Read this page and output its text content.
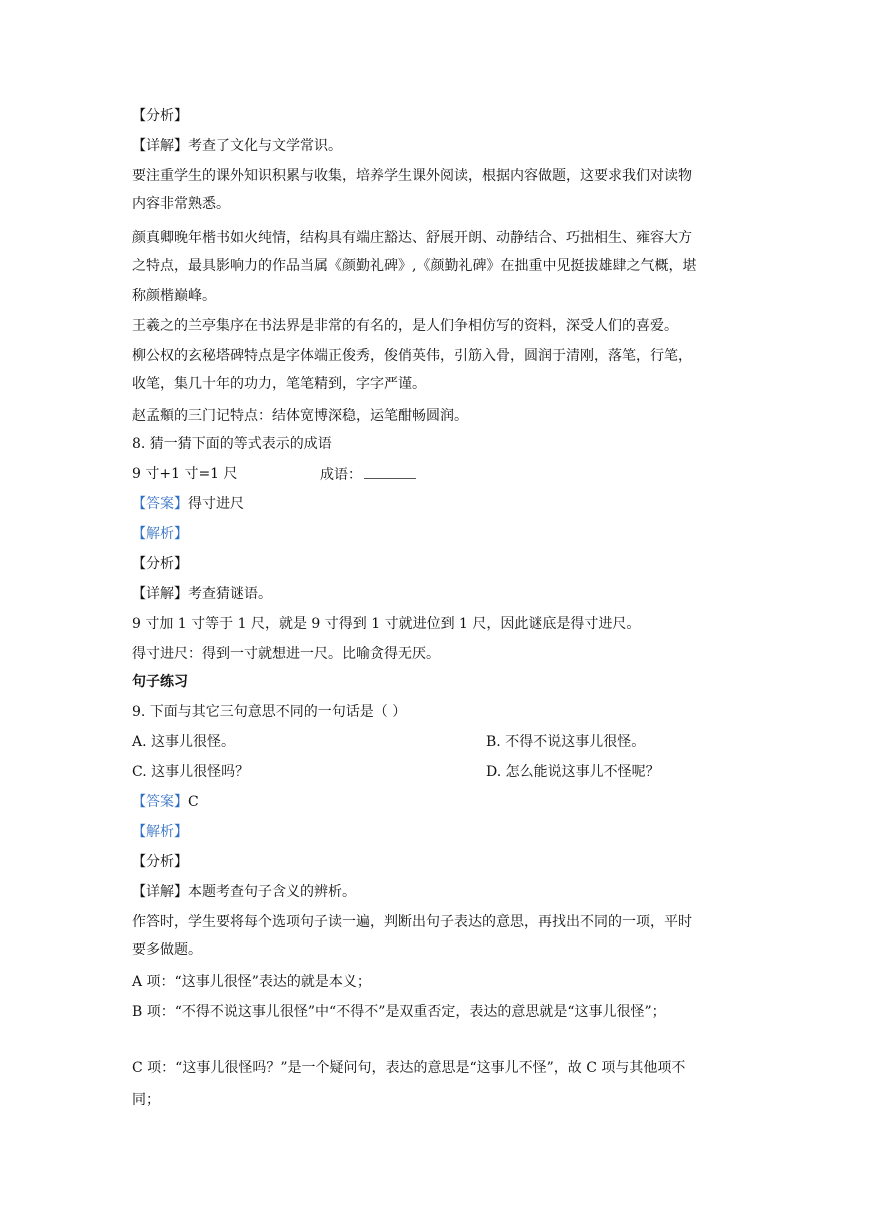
【分析】
【详解】考查了文化与文学常识。
要注重学生的课外知识积累与收集，培养学生课外阅读，根据内容做题，这要求我们对读物
内容非常熟悉。
颜真卿晚年楷书如火纯情，结构具有端庄豁达、舒展开朗、动静结合、巧拙相生、雍容大方
之特点，最具影响力的作品当属《颜勤礼碑》,《颜勤礼碑》在拙重中见挺拔雄肆之气概，堪
称颜楷巅峰。
王羲之的兰亭集序在书法界是非常的有名的，是人们争相仿写的资料，深受人们的喜爱。
柳公权的玄秘塔碑特点是字体端正俊秀，俊俏英伟，引筋入骨，圆润于清刚，落笔，行笔，
收笔，集几十年的功力，笔笔精到，字字严谨。
赵孟頫的三门记特点：结体宽博深稳，运笔酣畅圆润。
8. 猜一猜下面的等式表示的成语
9 寸+1 寸=1 尺	成语：
【答案】得寸进尺
【解析】
【分析】
【详解】考查猜谜语。
9 寸加 1 寸等于 1 尺，就是 9 寸得到 1 寸就进位到 1 尺，因此谜底是得寸进尺。
得寸进尺：得到一寸就想进一尺。比喻贪得无厌。
句子练习
9. 下面与其它三句意思不同的一句话是（ ）
A. 这事儿很怪。	B. 不得不说这事儿很怪。
C. 这事儿很怪吗？	D. 怎么能说这事儿不怪呢？
【答案】C
【解析】
【分析】
【详解】本题考查句子含义的辨析。
作答时，学生要将每个选项句子读一遍，判断出句子表达的意思，再找出不同的一项，平时
要多做题。
A 项：“这事儿很怪”表达的就是本义；
B 项：“不得不说这事儿很怪”中“不得不”是双重否定，表达的意思就是“这事儿很怪”；
C 项：“这事儿很怪吗？”是一个疑问句，表达的意思是“这事儿不怪”，故 C 项与其他项不
同；
